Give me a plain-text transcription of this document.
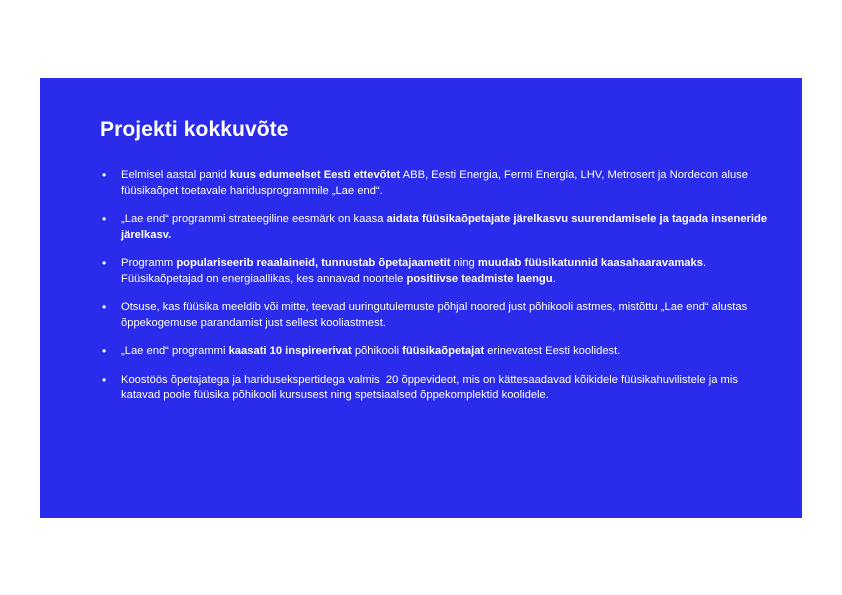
Projekti kokkuvõte
• Eelmisel aastal panid kuus edumeelset Eesti ettevõtet ABB, Eesti Energia, Fermi Energia, LHV, Metrosert ja Nordecon aluse  füüsikaõpet toetavale haridusprogrammile „Lae end“.
• „Lae end“ programmi strateegiline eesmärk on kaasa aidata füüsikaõpetajate järelkasvu suurendamisele ja tagada inseneride järelkasv.
• Programm populariseerib reaalaineid, tunnustab õpetajaametit ning muudab füüsikatunnid kaasahaaravamaks. Füüsikaõpetajad on energiaallikas, kes annavad noortele positiivse teadmiste laengu.
• Otsuse, kas füüsika meeldib või mitte, teevad uuringutulemuste põhjal noored just põhikooli astmes, mistõttu „Lae end“ alustas õppekogemuse parandamist just sellest kooliastmest.
• „Lae end“ programmi kaasati 10 inspireerivat põhikooli füüsikaõpetajat erinevatest Eesti koolidest.
• Koostöös õpetajatega ja haridusekspertidega valmis  20 õppevideot, mis on kättesaadavad kõikidele füüsikahuvilistele ja mis katavad poole füüsika põhikooli kursusest ning spetsiaalsed õppekomplektid koolidele.
